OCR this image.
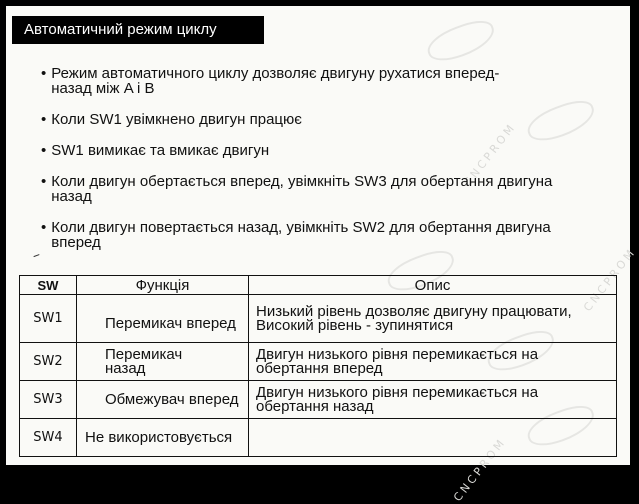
CNCPROM
CNCPROM
CNCPROM
Автоматичний режим циклу
• Режим автоматичного циклу дозволяє двигуну рухатися вперед-назад між A і B
• Коли SW1 увімкнено двигун працює
• SW1 вимикає та вмикає двигун
• Коли двигун обертається вперед, увімкніть SW3 для обертання двигуна назад
• Коли двигун повертається назад, увімкніть SW2 для обертання двигуна вперед
SW	Функція	Опис
SW1	Перемикач вперед	Низький рівень дозволяє двигуну працювати, Високий рівень - зупинятися
SW2	Перемикач назад	Двигун низького рівня перемикається на обертання вперед
SW3	Обмежувач вперед	Двигун низького рівня перемикається на обертання назад
SW4	Не використовується	
